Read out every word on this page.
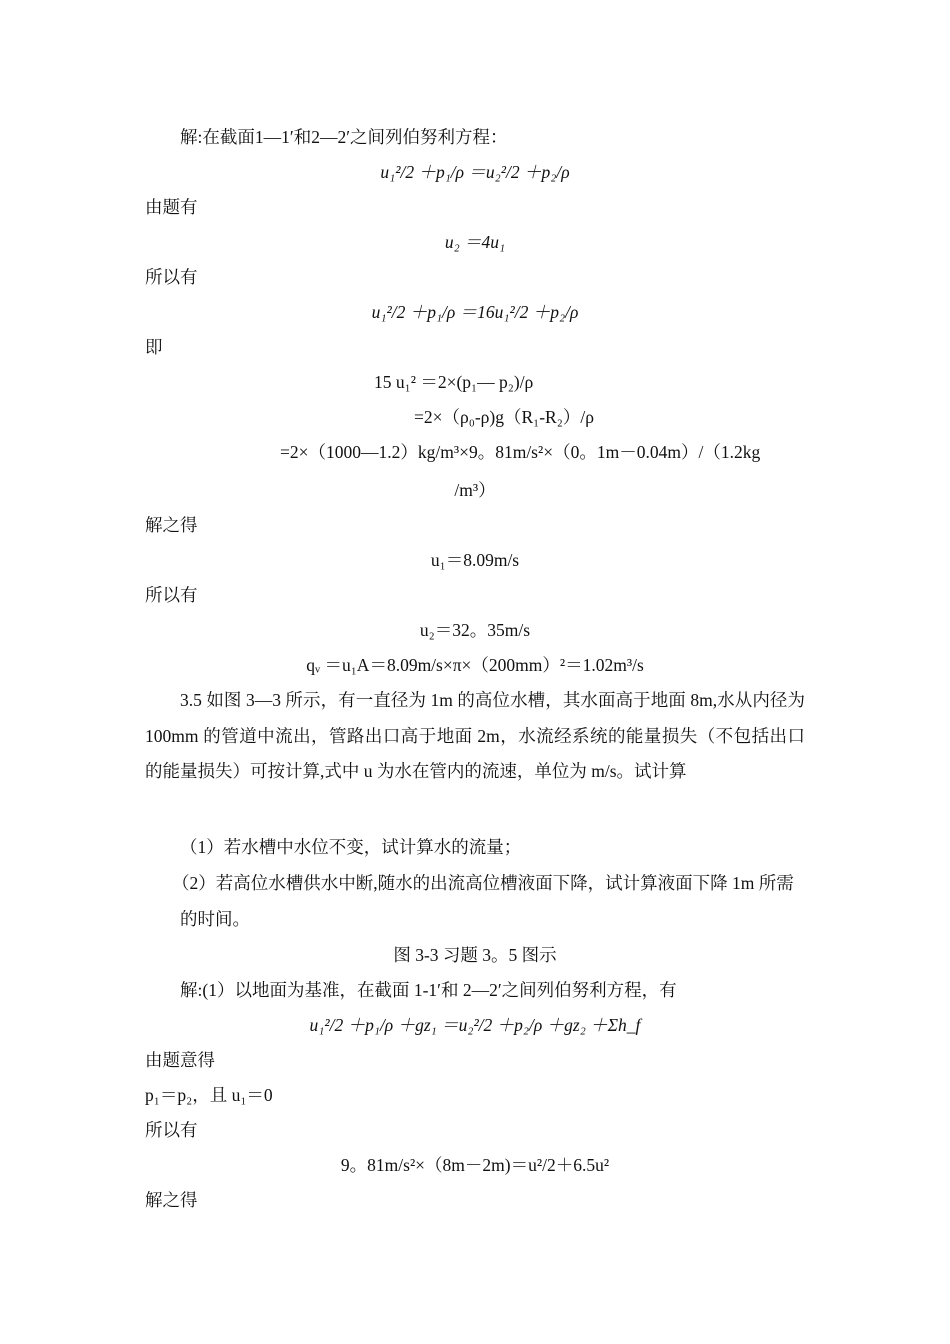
解:在截面1—1′和2—2′之间列伯努利方程：
u₁²/2 ＋p₁/ρ ＝u₂²/2 ＋p₂/ρ
由题有
u₂ ＝4u₁
所以有
u₁²/2 ＋p₁/ρ ＝16u₁²/2 ＋p₂/ρ
即
15 u₁² ＝2×(p₁— p₂)/ρ
=2×（ρ₀-ρ)g（R₁-R₂）/ρ
=2×（1000—1.2）kg/m³×9。81m/s²×（0。1m－0.04m）/（1.2kg
/m³）
解之得
u₁＝8.09m/s
所以有
u₂＝32。35m/s
qᵥ ＝u₁A＝8.09m/s×π×（200mm）²＝1.02m³/s
3.5 如图 3—3 所示，有一直径为 1m 的高位水槽，其水面高于地面 8m,水从内径为 100mm 的管道中流出，管路出口高于地面 2m，水流经系统的能量损失（不包括出口的能量损失）可按计算,式中 u 为水在管内的流速，单位为 m/s。试计算
（1）若水槽中水位不变，试计算水的流量；
（2）若高位水槽供水中断,随水的出流高位槽液面下降，试计算液面下降 1m 所需的时间。
图 3-3 习题 3。5 图示
解:(1）以地面为基准，在截面 1-1′和 2—2′之间列伯努利方程，有
u₁²/2 ＋p₁/ρ ＋gz₁ ＝u₂²/2 ＋p₂/ρ ＋gz₂ ＋Σh_f
由题意得
p₁＝p₂，且 u₁＝0
所以有
9。81m/s²×（8m－2m)＝u²/2＋6.5u²
解之得
